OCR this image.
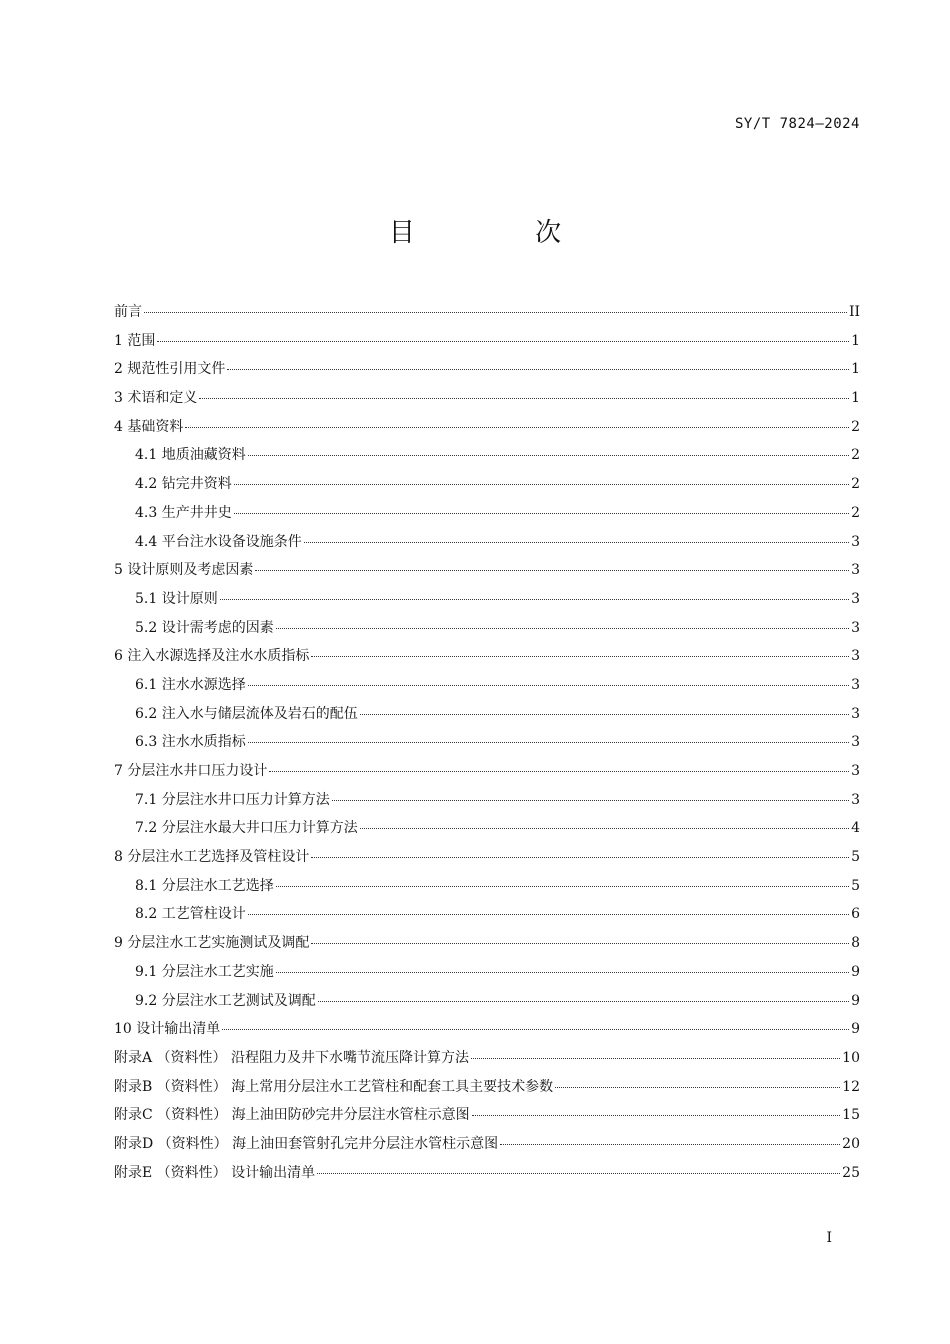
SY/T 7824—2024
目 次
前言	II
1 范围	1
2 规范性引用文件	1
3 术语和定义	1
4 基础资料	2
4.1 地质油藏资料	2
4.2 钻完井资料	2
4.3 生产井井史	2
4.4 平台注水设备设施条件	3
5 设计原则及考虑因素	3
5.1 设计原则	3
5.2 设计需考虑的因素	3
6 注入水源选择及注水水质指标	3
6.1 注水水源选择	3
6.2 注入水与储层流体及岩石的配伍	3
6.3 注水水质指标	3
7 分层注水井口压力设计	3
7.1 分层注水井口压力计算方法	3
7.2 分层注水最大井口压力计算方法	4
8 分层注水工艺选择及管柱设计	5
8.1 分层注水工艺选择	5
8.2 工艺管柱设计	6
9 分层注水工艺实施测试及调配	8
9.1 分层注水工艺实施	9
9.2 分层注水工艺测试及调配	9
10 设计输出清单	9
附录A （资料性） 沿程阻力及井下水嘴节流压降计算方法	10
附录B （资料性） 海上常用分层注水工艺管柱和配套工具主要技术参数	12
附录C （资料性） 海上油田防砂完井分层注水管柱示意图	15
附录D （资料性） 海上油田套管射孔完井分层注水管柱示意图	20
附录E （资料性） 设计输出清单	25
I
